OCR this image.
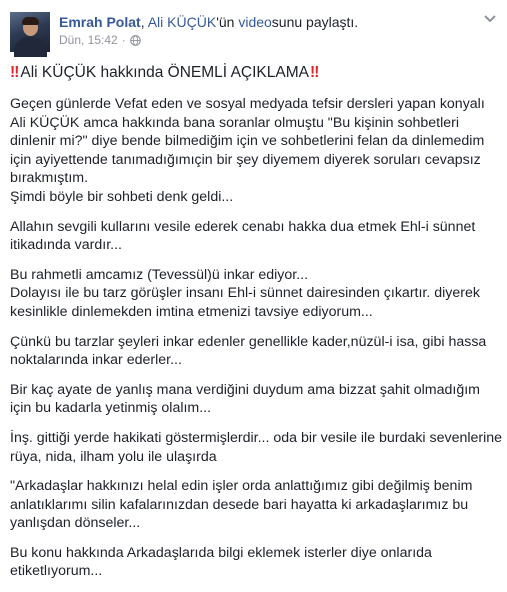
Emrah Polat, Ali KÜÇÜK'ün videosunu paylaştı.
Dün, 15:42 ·

‼ Ali KÜÇÜK hakkında ÖNEMLİ AÇIKLAMA‼

Geçen günlerde Vefat eden ve sosyal medyada tefsir dersleri yapan konyalı
Ali KÜÇÜK amca hakkında bana soranlar olmuştu "Bu kişinin sohbetleri
dinlenir mi?" diye bende bilmediğim için ve sohbetlerini felan da dinlemedim
için ayiyettende tanımadığımıçin bir şey diyemem diyerek soruları cevapsız
bırakmıştım.
Şimdi böyle bir sohbeti denk geldi...

Allahın sevgili kullarını vesile ederek cenabı hakka dua etmek Ehl-i sünnet
itikadında vardır...

Bu rahmetli amcamız (Tevessül)ü inkar ediyor...
Dolayısı ile bu tarz görüşler insanı Ehl-i sünnet dairesinden çıkartır. diyerek
kesinlikle dinlemekden imtina etmenizi tavsiye ediyorum...

Çünkü bu tarzlar şeyleri inkar edenler genellikle kader,nüzül-i isa, gibi hassa
noktalarında inkar ederler...

Bir kaç ayate de yanlış mana verdiğini duydum ama bizzat şahit olmadığım
için bu kadarla yetinmiş olalım...

İnş. gittiği yerde hakikati göstermişlerdir... oda bir vesile ile burdaki sevenlerine
rüya, nida, ilham yolu ile ulaşırda

"Arkadaşlar hakkınızı helal edin işler orda anlattığımız gibi değilmiş benim
anlatıklarımı silin kafalarınızdan desede bari hayatta ki arkadaşlarımız bu
yanlışdan dönseler...

Bu konu hakkında Arkadaşlarıda bilgi eklemek isterler diye onlarıda
etiketlıyorum...
